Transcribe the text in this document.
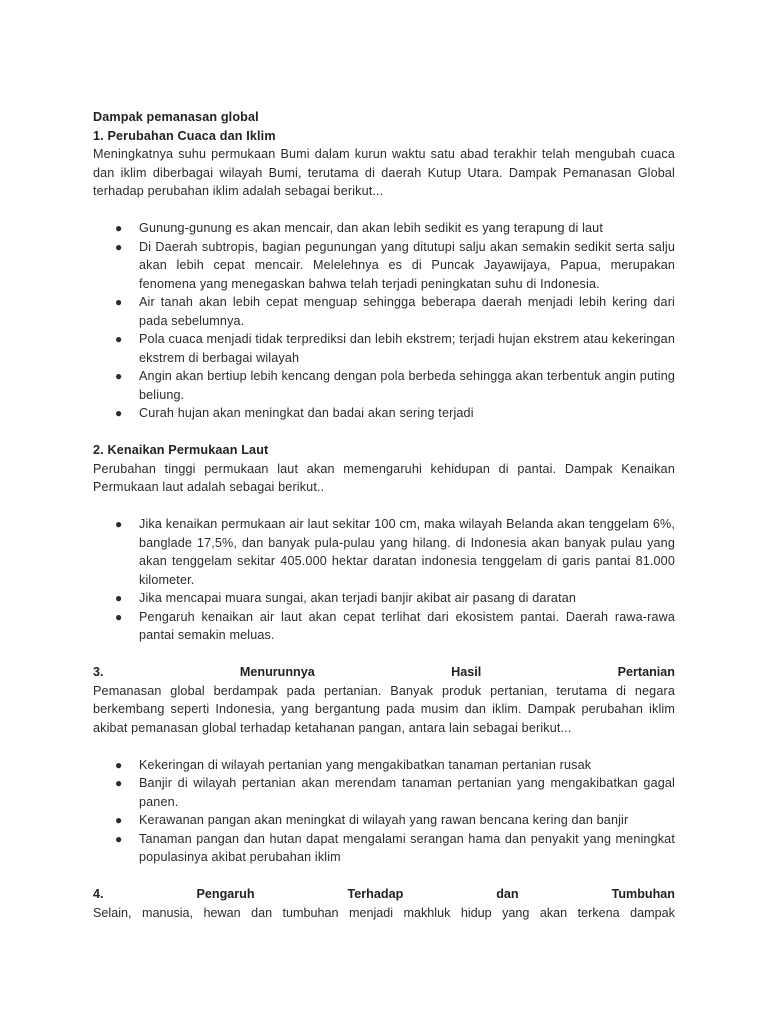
Dampak pemanasan global
1. Perubahan Cuaca dan Iklim
Meningkatnya suhu permukaan Bumi dalam kurun waktu satu abad terakhir telah mengubah cuaca dan iklim diberbagai wilayah Bumi, terutama di daerah Kutup Utara. Dampak Pemanasan Global terhadap perubahan iklim adalah sebagai berikut...
● Gunung-gunung es akan mencair, dan akan lebih sedikit es yang terapung di laut
● Di Daerah subtropis, bagian pegunungan yang ditutupi salju akan semakin sedikit serta salju akan lebih cepat mencair. Melelehnya es di Puncak Jayawijaya, Papua, merupakan fenomena yang menegaskan bahwa telah terjadi peningkatan suhu di Indonesia.
● Air tanah akan lebih cepat menguap sehingga beberapa daerah menjadi lebih kering dari pada sebelumnya.
● Pola cuaca menjadi tidak terprediksi dan lebih ekstrem; terjadi hujan ekstrem atau kekeringan ekstrem di berbagai wilayah
● Angin akan bertiup lebih kencang dengan pola berbeda sehingga akan terbentuk angin puting beliung.
● Curah hujan akan meningkat dan badai akan sering terjadi
2. Kenaikan Permukaan Laut
Perubahan tinggi permukaan laut akan memengaruhi kehidupan di pantai. Dampak Kenaikan Permukaan laut adalah sebagai berikut..
● Jika kenaikan permukaan air laut sekitar 100 cm, maka wilayah Belanda akan tenggelam 6%, banglade 17,5%, dan banyak pula-pulau yang hilang. di Indonesia akan banyak pulau yang akan tenggelam sekitar 405.000 hektar daratan indonesia tenggelam di garis pantai 81.000 kilometer.
● Jika mencapai muara sungai, akan terjadi banjir akibat air pasang di daratan
● Pengaruh kenaikan air laut akan cepat terlihat dari ekosistem pantai. Daerah rawa-rawa pantai semakin meluas.
3.	Menurunnya	Hasil	Pertanian
Pemanasan global berdampak pada pertanian. Banyak produk pertanian, terutama di negara berkembang seperti Indonesia, yang bergantung pada musim dan iklim. Dampak perubahan iklim akibat pemanasan global terhadap ketahanan pangan, antara lain sebagai berikut...
● Kekeringan di wilayah pertanian yang mengakibatkan tanaman pertanian rusak
● Banjir di wilayah pertanian akan merendam tanaman pertanian yang mengakibatkan gagal panen.
● Kerawanan pangan akan meningkat di wilayah yang rawan bencana kering dan banjir
● Tanaman pangan dan hutan dapat mengalami serangan hama dan penyakit yang meningkat populasinya akibat perubahan iklim
4.	Pengaruh	Terhadap	dan	Tumbuhan
Selain, manusia, hewan dan tumbuhan menjadi makhluk hidup yang akan terkena dampak
